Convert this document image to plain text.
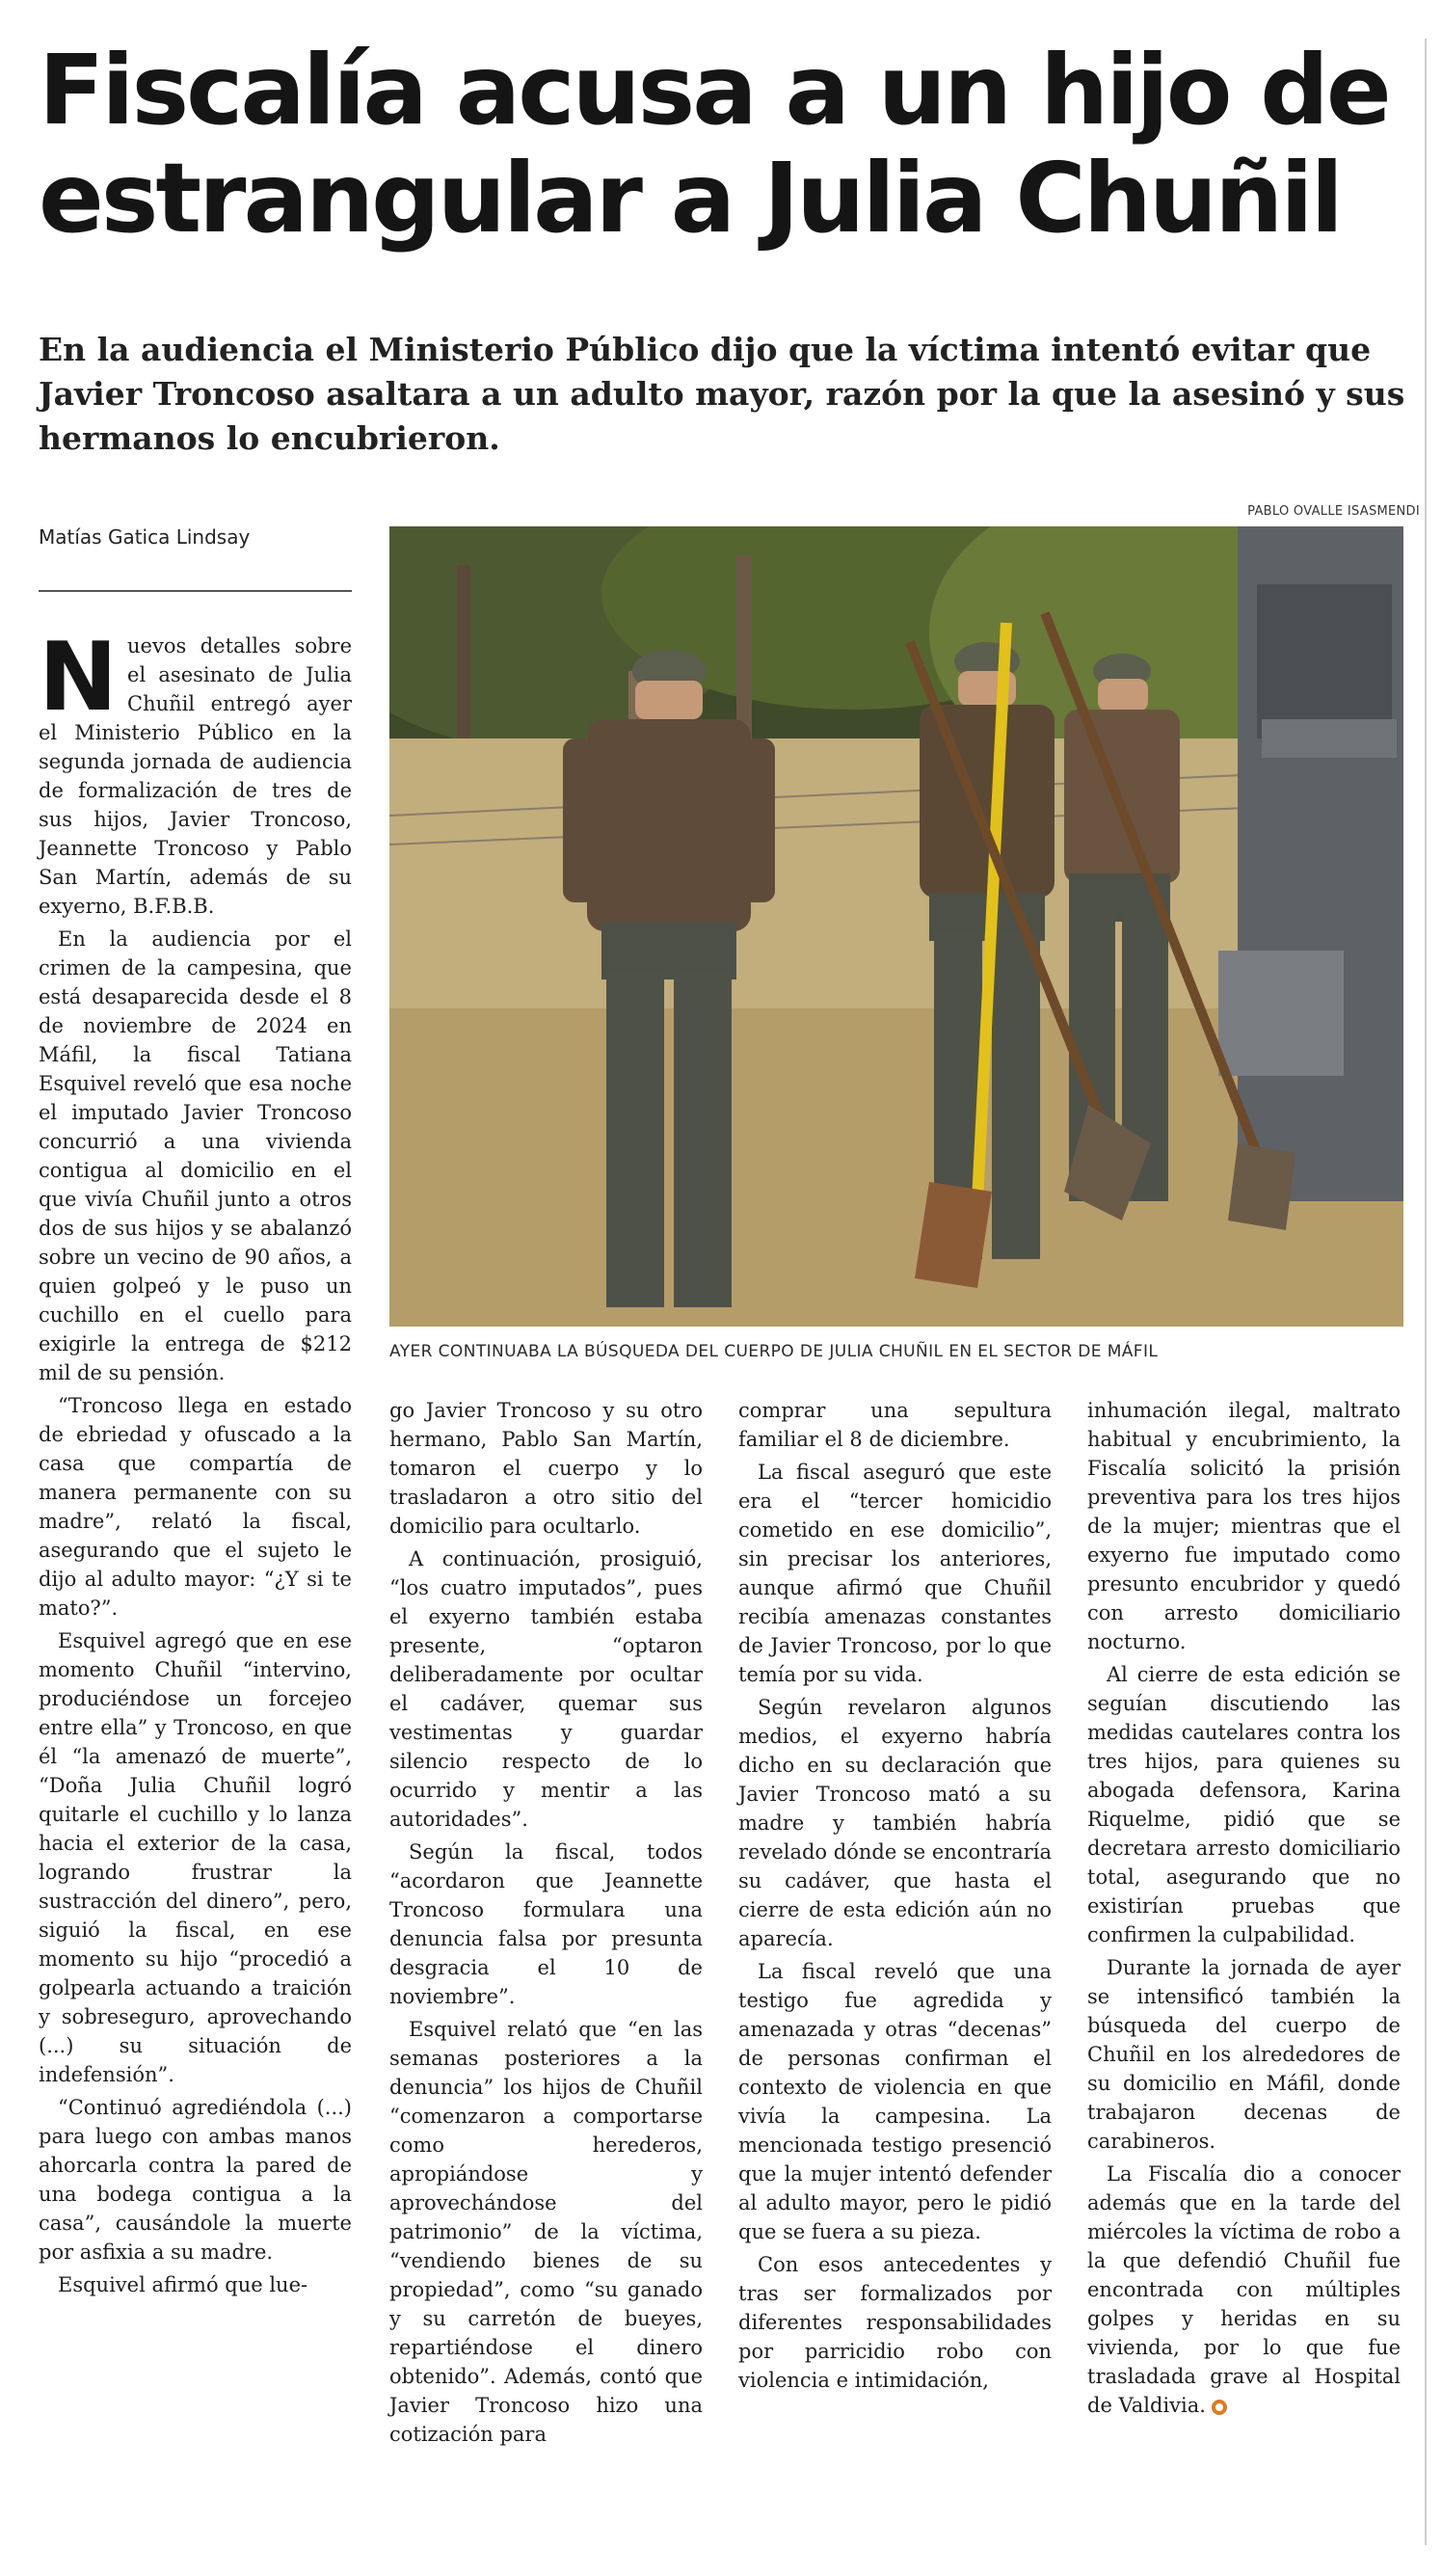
Fiscalía acusa a un hijo de estrangular a Julia Chuñil
En la audiencia el Ministerio Público dijo que la víctima intentó evitar que Javier Troncoso asaltara a un adulto mayor, razón por la que la asesinó y sus hermanos lo encubrieron.
Matías Gatica Lindsay
PABLO OVALLE ISASMENDI
AYER CONTINUABA LA BÚSQUEDA DEL CUERPO DE JULIA CHUÑIL EN EL SECTOR DE MÁFIL

Nuevos detalles sobre el asesinato de Julia Chuñil entregó ayer el Ministerio Público en la segunda jornada de audiencia de formalización de tres de sus hijos, Javier Troncoso, Jeannette Troncoso y Pablo San Martín, además de su exyerno, B.F.B.B.

En la audiencia por el crimen de la campesina, que está desaparecida desde el 8 de noviembre de 2024 en Máfil, la fiscal Tatiana Esquivel reveló que esa noche el imputado Javier Troncoso concurrió a una vivienda contigua al domicilio en el que vivía Chuñil junto a otros dos de sus hijos y se abalanzó sobre un vecino de 90 años, a quien golpeó y le puso un cuchillo en el cuello para exigirle la entrega de $212 mil de su pensión.

“Troncoso llega en estado de ebriedad y ofuscado a la casa que compartía de manera permanente con su madre”, relató la fiscal, asegurando que el sujeto le dijo al adulto mayor: “¿Y si te mato?”.

Esquivel agregó que en ese momento Chuñil “intervino, produciéndose un forcejeo entre ella” y Troncoso, en que él “la amenazó de muerte”, “Doña Julia Chuñil logró quitarle el cuchillo y lo lanza hacia el exterior de la casa, logrando frustrar la sustracción del dinero”, pero, siguió la fiscal, en ese momento su hijo “procedió a golpearla actuando a traición y sobreseguro, aprovechando (...) su situación de indefensión”.

“Continuó agrediéndola (...) para luego con ambas manos ahorcarla contra la pared de una bodega contigua a la casa”, causándole la muerte por asfixia a su madre.

Esquivel afirmó que lue-

go Javier Troncoso y su otro hermano, Pablo San Martín, tomaron el cuerpo y lo trasladaron a otro sitio del domicilio para ocultarlo.

A continuación, prosiguió, “los cuatro imputados”, pues el exyerno también estaba presente, “optaron deliberadamente por ocultar el cadáver, quemar sus vestimentas y guardar silencio respecto de lo ocurrido y mentir a las autoridades”.

Según la fiscal, todos “acordaron que Jeannette Troncoso formulara una denuncia falsa por presunta desgracia el 10 de noviembre”.

Esquivel relató que “en las semanas posteriores a la denuncia” los hijos de Chuñil “comenzaron a comportarse como herederos, apropiándose y aprovechándose del patrimonio” de la víctima, “vendiendo bienes de su propiedad”, como “su ganado y su carretón de bueyes, repartiéndose el dinero obtenido”. Además, contó que Javier Troncoso hizo una cotización para

comprar una sepultura familiar el 8 de diciembre.

La fiscal aseguró que este era el “tercer homicidio cometido en ese domicilio”, sin precisar los anteriores, aunque afirmó que Chuñil recibía amenazas constantes de Javier Troncoso, por lo que temía por su vida.

Según revelaron algunos medios, el exyerno habría dicho en su declaración que Javier Troncoso mató a su madre y también habría revelado dónde se encontraría su cadáver, que hasta el cierre de esta edición aún no aparecía.

La fiscal reveló que una testigo fue agredida y amenazada y otras “decenas” de personas confirman el contexto de violencia en que vivía la campesina. La mencionada testigo presenció que la mujer intentó defender al adulto mayor, pero le pidió que se fuera a su pieza.

Con esos antecedentes y tras ser formalizados por diferentes responsabilidades por parricidio robo con violencia e intimidación,

inhumación ilegal, maltrato habitual y encubrimiento, la Fiscalía solicitó la prisión preventiva para los tres hijos de la mujer; mientras que el exyerno fue imputado como presunto encubridor y quedó con arresto domiciliario nocturno.

Al cierre de esta edición se seguían discutiendo las medidas cautelares contra los tres hijos, para quienes su abogada defensora, Karina Riquelme, pidió que se decretara arresto domiciliario total, asegurando que no existirían pruebas que confirmen la culpabilidad.

Durante la jornada de ayer se intensificó también la búsqueda del cuerpo de Chuñil en los alrededores de su domicilio en Máfil, donde trabajaron decenas de carabineros.

La Fiscalía dio a conocer además que en la tarde del miércoles la víctima de robo a la que defendió Chuñil fue encontrada con múltiples golpes y heridas en su vivienda, por lo que fue trasladada grave al Hospital de Valdivia.
